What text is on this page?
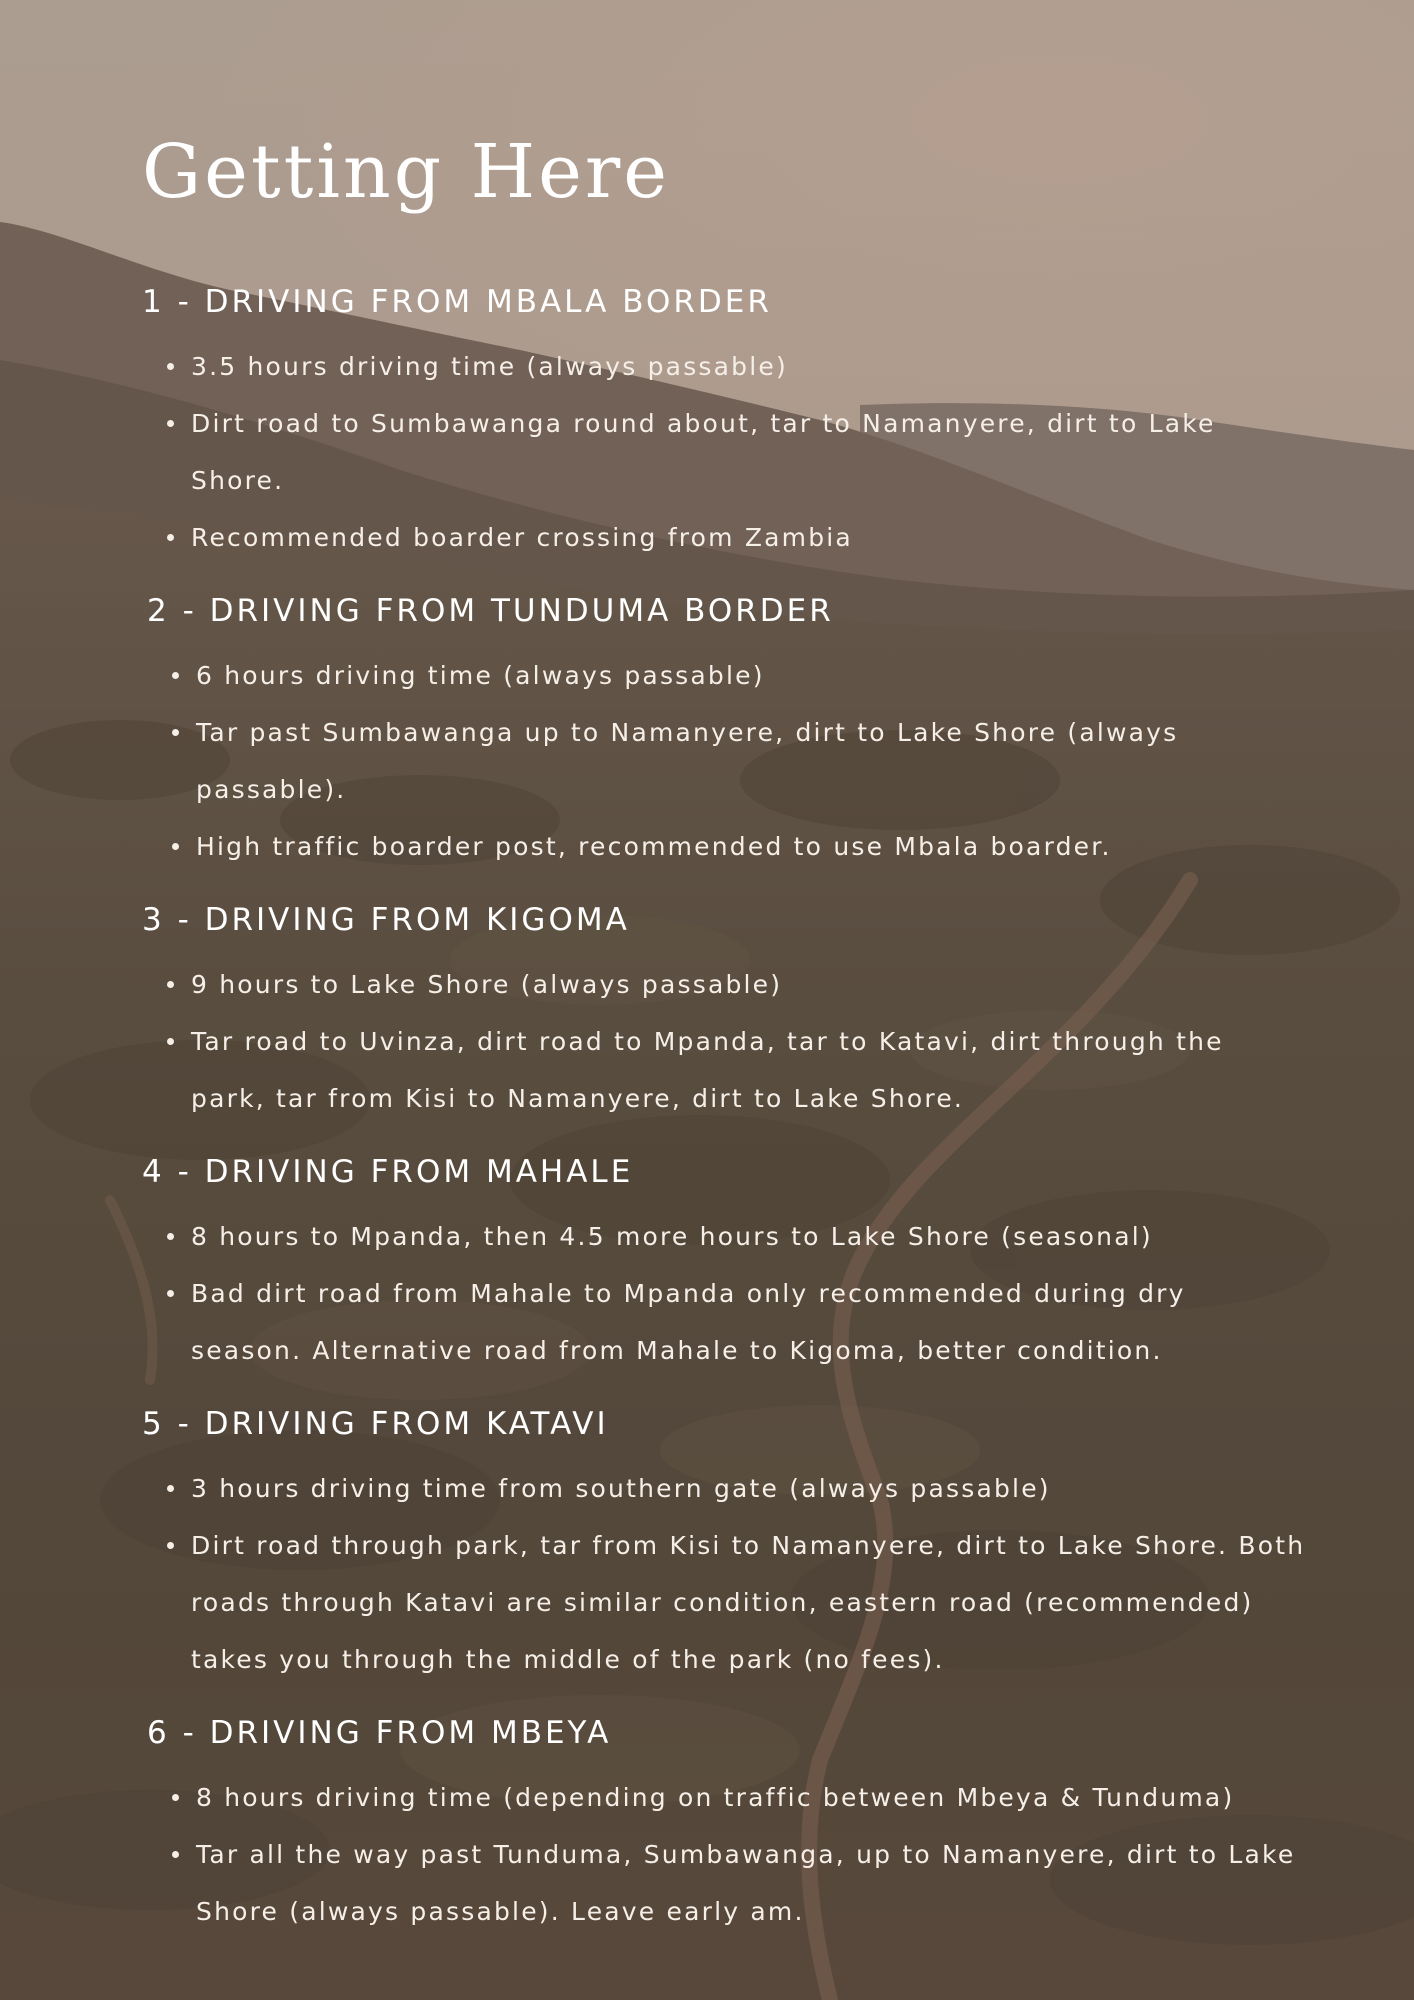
Getting Here
1 - DRIVING FROM MBALA BORDER
3.5 hours driving time (always passable)
Dirt road to Sumbawanga round about, tar to Namanyere, dirt to Lake Shore.
Recommended boarder crossing from Zambia
2 - DRIVING FROM TUNDUMA BORDER
6 hours driving time (always passable)
Tar past Sumbawanga up to Namanyere, dirt to Lake Shore (always passable).
High traffic boarder post, recommended to use Mbala boarder.
3 - DRIVING FROM KIGOMA
9 hours to Lake Shore (always passable)
Tar road to Uvinza, dirt road to Mpanda, tar to Katavi, dirt through the park, tar from Kisi to Namanyere, dirt to Lake Shore.
4 - DRIVING FROM MAHALE
8 hours to Mpanda, then 4.5 more hours to Lake Shore (seasonal)
Bad dirt road from Mahale to Mpanda only recommended during dry season. Alternative road from Mahale to Kigoma, better condition.
5 - DRIVING FROM KATAVI
3 hours driving time from southern gate (always passable)
Dirt road through park, tar from Kisi to Namanyere, dirt to Lake Shore. Both roads through Katavi are similar condition, eastern road (recommended) takes you through the middle of the park (no fees).
6 - DRIVING FROM MBEYA
8 hours driving time (depending on traffic between Mbeya & Tunduma)
Tar all the way past Tunduma, Sumbawanga, up to Namanyere, dirt to Lake Shore (always passable). Leave early am.
